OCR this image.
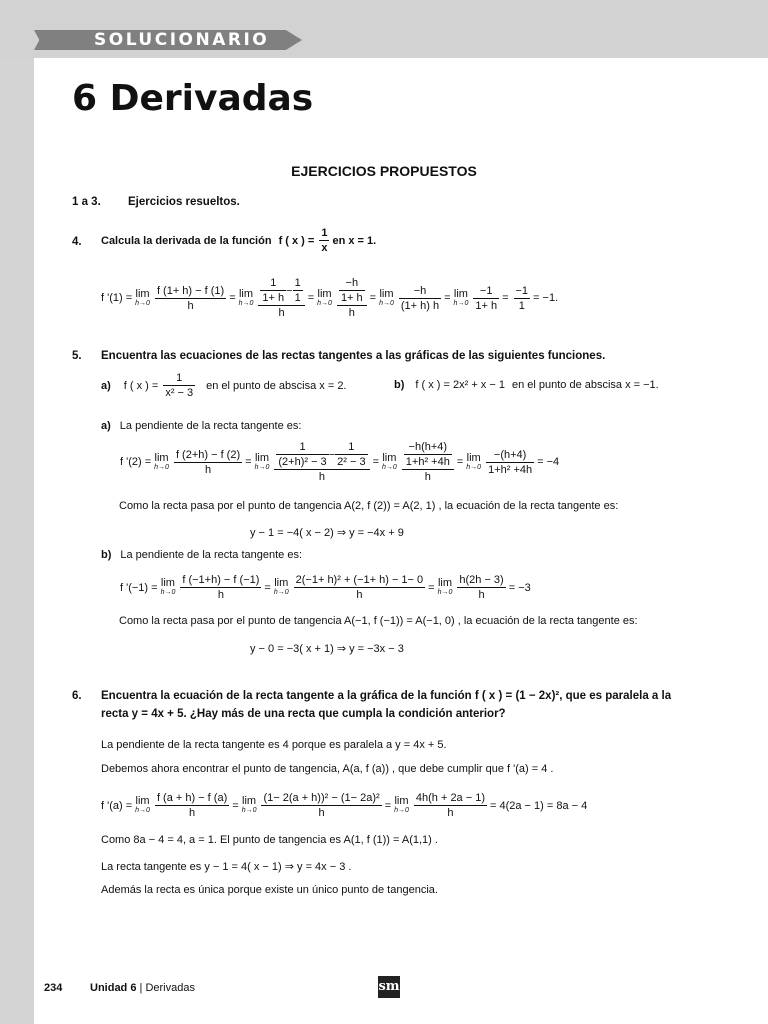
SOLUCIONARIO
6 Derivadas
EJERCICIOS PROPUESTOS
1 a 3. Ejercicios resueltos.
4. Calcula la derivada de la función f ( x ) = $\frac{1}{x}$ en x = 1.
f '(1) = lim
$h\to 0 \frac{f (1+ h) - f (1)}{h} = \lim$
$h\to 0 \frac{\frac{1}{1+ h} - \frac{1}{1}}{h} = \lim$
$h\to 0 \frac{\frac{-h}{1+ h}}{h} = \lim$
$h\to 0 \frac{-h}{(1+ h) h} = \lim$
$h\to 0 \frac{-1}{1+ h} = \frac{-1}{1} = -1$.
5. Encuentra las ecuaciones de las rectas tangentes a las gráficas de las siguientes funciones.
a) f ( x ) = $\frac{1}{\text{x² − 3}}$ en el punto de abscisa x = 2.	b) f ( x ) = 2x² + x − 1 en el punto de abscisa x = −1.
a) La pendiente de la recta tangente es:
f '(2) = lim
$h\to 0 \frac{f (2+h) - f (2)}{h} = \lim$
$h\to 0 \frac{\frac{1}{\text{(2+h)² − 3}} - \frac{1}{\text{2² − 3}}}{h} = \lim$
$h\to 0 \frac{\frac{-h(h+4)}{\text{1+h² +4h}}}{h} = \lim$
$h\to 0 \frac{-(h+4)}{\text{1+h² +4h}} = -4$
Como la recta pasa por el punto de tangencia A(2, f (2)) = A(2, 1) , la ecuación de la recta tangente es:
y − 1 = −4( x − 2) ⇒ y = −4x + 9
b) La pendiente de la recta tangente es:
f '(−1) = lim
$h\to 0 \frac{f (-1+h) - f (-1)}{h} = \lim$
$h\to 0 \frac{\text{2(−1+ h)² + (−1+ h) − 1− 0}}{h} = \lim$
$h\to 0 \frac{h(2h - 3)}{h} = -3$
Como la recta pasa por el punto de tangencia A(−1, f (−1)) = A(−1, 0) , la ecuación de la recta tangente es:
y − 0 = −3( x + 1) ⇒ y = −3x − 3
6. Encuentra la ecuación de la recta tangente a la gráfica de la función f ( x ) = (1 − 2x)², que es paralela a la
recta y = 4x + 5. ¿Hay más de una recta que cumpla la condición anterior?
La pendiente de la recta tangente es 4 porque es paralela a y = 4x + 5.
Debemos ahora encontrar el punto de tangencia, A(a, f (a)) , que debe cumplir que f '(a) = 4 .
f '(a) = lim
$h\to 0 \frac{f (a + h) - f (a)}{h} = \lim$
$h\to 0 \frac{\text{(1− 2(a + h))² − (1− 2a)²}}{h} = \lim$
$h\to 0 \frac{4h(h + 2a - 1)}{h} = 4(2a - 1) = 8a - 4$
Como 8a − 4 = 4, a = 1. El punto de tangencia es A(1, f (1)) = A(1,1) .
La recta tangente es y − 1 = 4( x − 1) ⇒ y = 4x − 3 .
Además la recta es única porque existe un único punto de tangencia.
234	Unidad 6 | Derivadas	sm
